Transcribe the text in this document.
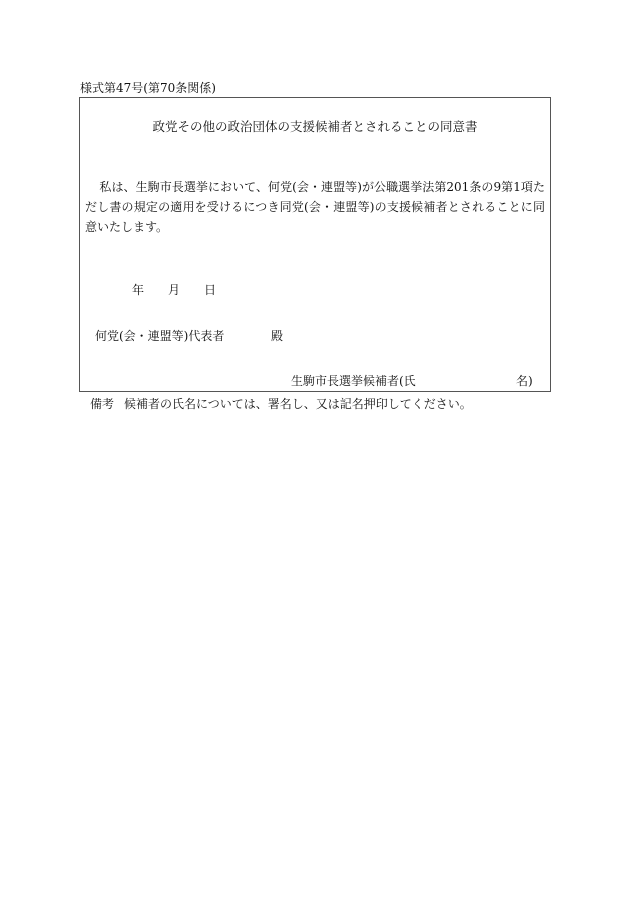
様式第47号(第70条関係)
政党その他の政治団体の支援候補者とされることの同意書

私は、生駒市長選挙において、何党(会・連盟等)が公職選挙法第201条の9第1項ただし書の規定の適用を受けるにつき同党(会・連盟等)の支援候補者とされることに同意いたします。

年 月 日
何党(会・連盟等)代表者	殿
生駒市長選挙候補者(氏	名)
備考 候補者の氏名については、署名し、又は記名押印してください。
